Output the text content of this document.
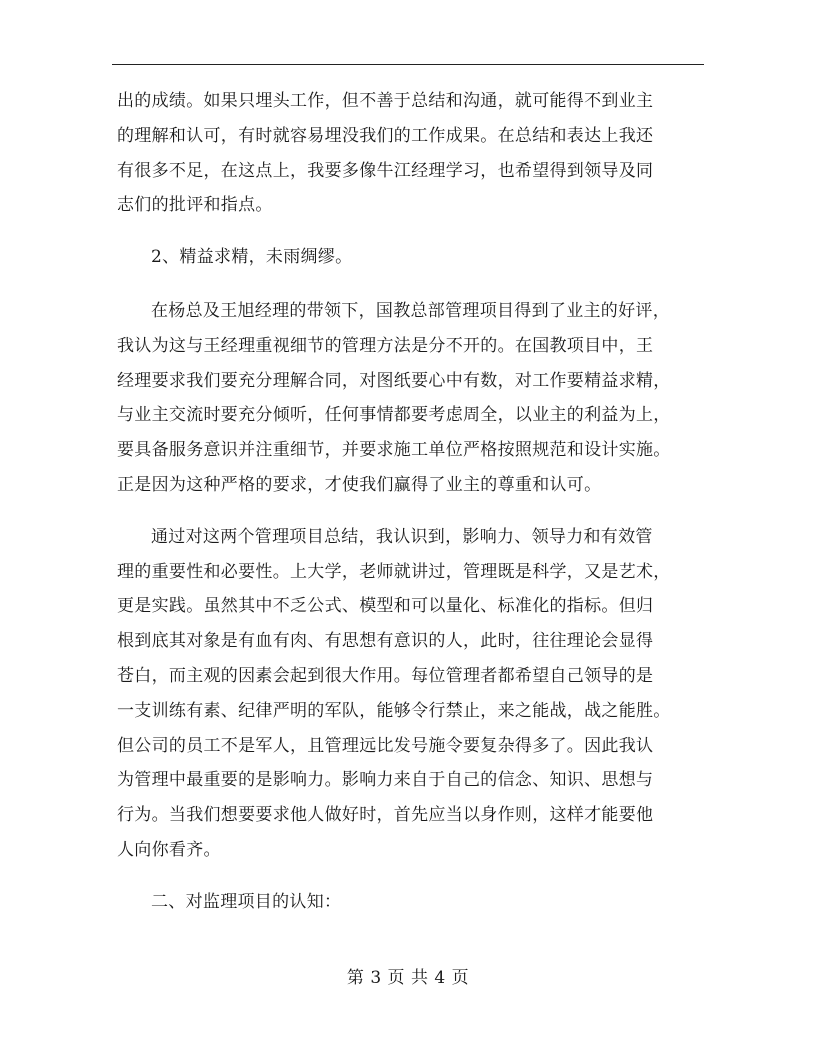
出的成绩。如果只埋头工作，但不善于总结和沟通，就可能得不到业主
的理解和认可，有时就容易埋没我们的工作成果。在总结和表达上我还
有很多不足，在这点上，我要多像牛江经理学习，也希望得到领导及同
志们的批评和指点。

2、精益求精，未雨绸缪。

在杨总及王旭经理的带领下，国教总部管理项目得到了业主的好评，
我认为这与王经理重视细节的管理方法是分不开的。在国教项目中，王
经理要求我们要充分理解合同，对图纸要心中有数，对工作要精益求精，
与业主交流时要充分倾听，任何事情都要考虑周全，以业主的利益为上，
要具备服务意识并注重细节，并要求施工单位严格按照规范和设计实施。
正是因为这种严格的要求，才使我们赢得了业主的尊重和认可。

通过对这两个管理项目总结，我认识到，影响力、领导力和有效管
理的重要性和必要性。上大学，老师就讲过，管理既是科学，又是艺术，
更是实践。虽然其中不乏公式、模型和可以量化、标准化的指标。但归
根到底其对象是有血有肉、有思想有意识的人，此时，往往理论会显得
苍白，而主观的因素会起到很大作用。每位管理者都希望自己领导的是
一支训练有素、纪律严明的军队，能够令行禁止，来之能战，战之能胜。
但公司的员工不是军人，且管理远比发号施令要复杂得多了。因此我认
为管理中最重要的是影响力。影响力来自于自己的信念、知识、思想与
行为。当我们想要要求他人做好时，首先应当以身作则，这样才能要他
人向你看齐。

二、对监理项目的认知：

第 3 页 共 4 页
